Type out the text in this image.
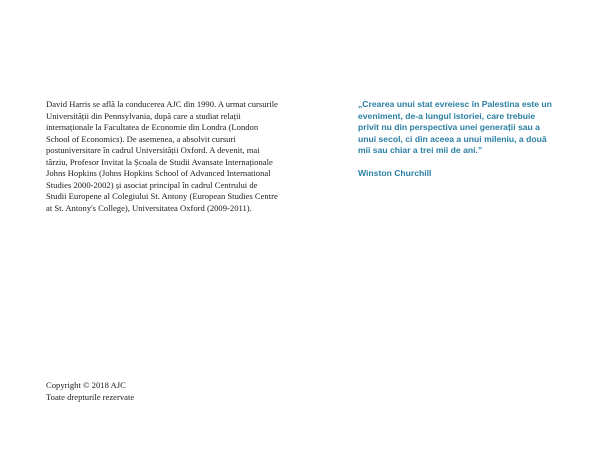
David Harris se află la conducerea AJC din 1990. A urmat cursurile Universității din Pennsylvania, după care a studiat relații internaționale la Facultatea de Economie din Londra (London School of Economics). De asemenea, a absolvit cursuri postuniversitare în cadrul Universității Oxford. A devenit, mai târziu, Profesor Invitat la Școala de Studii Avansate Internaționale Johns Hopkins (Johns Hopkins School of Advanced International Studies 2000-2002) și asociat principal în cadrul Centrului de Studii Europene al Colegiului St. Antony (European Studies Centre at St. Antony's College), Universitatea Oxford (2009-2011).

Copyright © 2018 AJC
Toate drepturile rezervate

„Crearea unui stat evreiesc în Palestina este un eveniment, de-a lungul istoriei, care trebuie privit nu din perspectiva unei generații sau a unui secol, ci din aceea a unui mileniu, a două mii sau chiar a trei mii de ani.”

Winston Churchill
